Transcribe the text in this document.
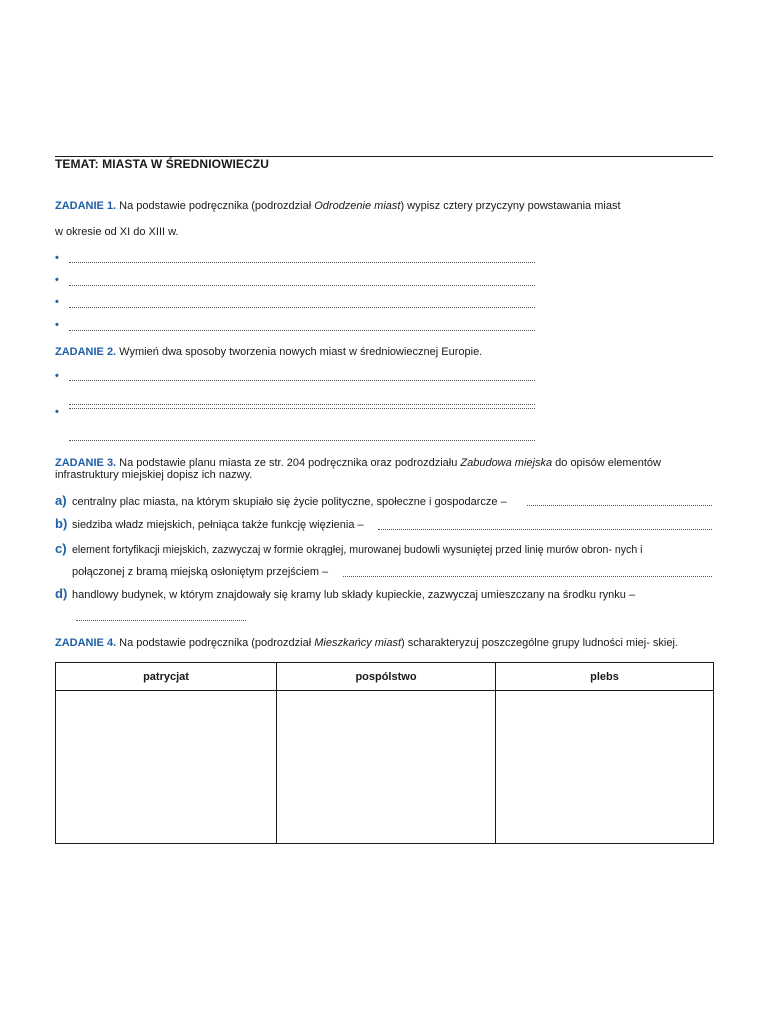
TEMAT: MIASTA W ŚREDNIOWIECZU
ZADANIE 1. Na podstawie podręcznika (podrozdział Odrodzenie miast) wypisz cztery przyczyny powstawania miast
w okresie od XI do XIII w.
•
•
•
•
ZADANIE 2. Wymień dwa sposoby tworzenia nowych miast w średniowiecznej Europie.
•
•
ZADANIE 3. Na podstawie planu miasta ze str. 204 podręcznika oraz podrozdziału Zabudowa miejska do opisów elementów
infrastruktury miejskiej dopisz ich nazwy.
a) centralny plac miasta, na którym skupiało się życie polityczne, społeczne i gospodarcze –
b) siedziba władz miejskich, pełniąca także funkcję więzienia –
c) element fortyfikacji miejskich, zazwyczaj w formie okrągłej, murowanej budowli wysuniętej przed linię murów obron- nych i
połączonej z bramą miejską osłoniętym przejściem –
d) handlowy budynek, w którym znajdowały się kramy lub składy kupieckie, zazwyczaj umieszczany na środku rynku –
ZADANIE 4. Na podstawie podręcznika (podrozdział Mieszkańcy miast) scharakteryzuj poszczególne grupy ludności miej- skiej.
patrycjat	pospólstwo	plebs
